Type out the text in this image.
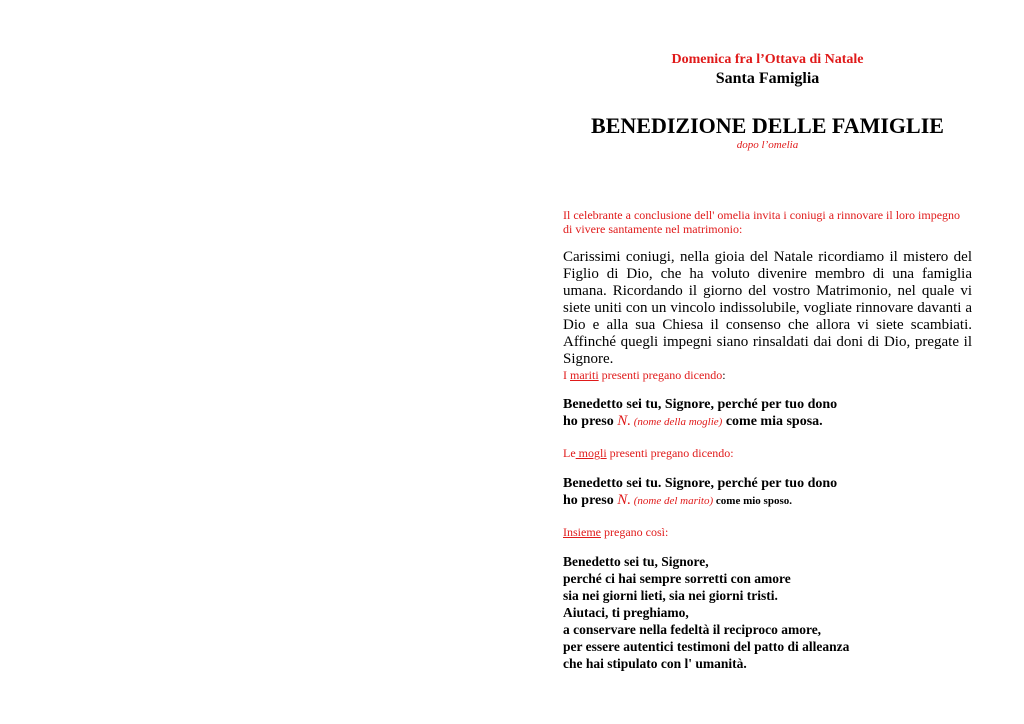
Domenica fra l’Ottava di Natale
Santa Famiglia
BENEDIZIONE DELLE FAMIGLIE
dopo l’omelia
Il celebrante a conclusione dell' omelia invita i coniugi a rinnovare il loro impegno di vivere santamente nel matrimonio:
Carissimi coniugi, nella gioia del Natale ricordiamo il mistero del Figlio di Dio, che ha voluto divenire membro di una famiglia umana. Ricordando il giorno del vostro Matrimonio, nel quale vi siete uniti con un vincolo indissolubile, vogliate rinnovare davanti a Dio e alla sua Chiesa il consenso che allora vi siete scambiati. Affinché quegli impegni siano rinsaldati dai doni di Dio, pregate il Signore.
I mariti presenti pregano dicendo:
Benedetto sei tu, Signore, perché per tuo dono
ho preso N. (nome della moglie) come mia sposa.
Le mogli presenti pregano dicendo:
Benedetto sei tu. Signore, perché per tuo dono
ho preso N. (nome del marito) come mio sposo.
Insieme pregano così:
Benedetto sei tu, Signore,
perché ci hai sempre sorretti con amore
sia nei giorni lieti, sia nei giorni tristi.
Aiutaci, ti preghiamo,
a conservare nella fedeltà il reciproco amore,
per essere autentici testimoni del patto di alleanza
che hai stipulato con l' umanità.
